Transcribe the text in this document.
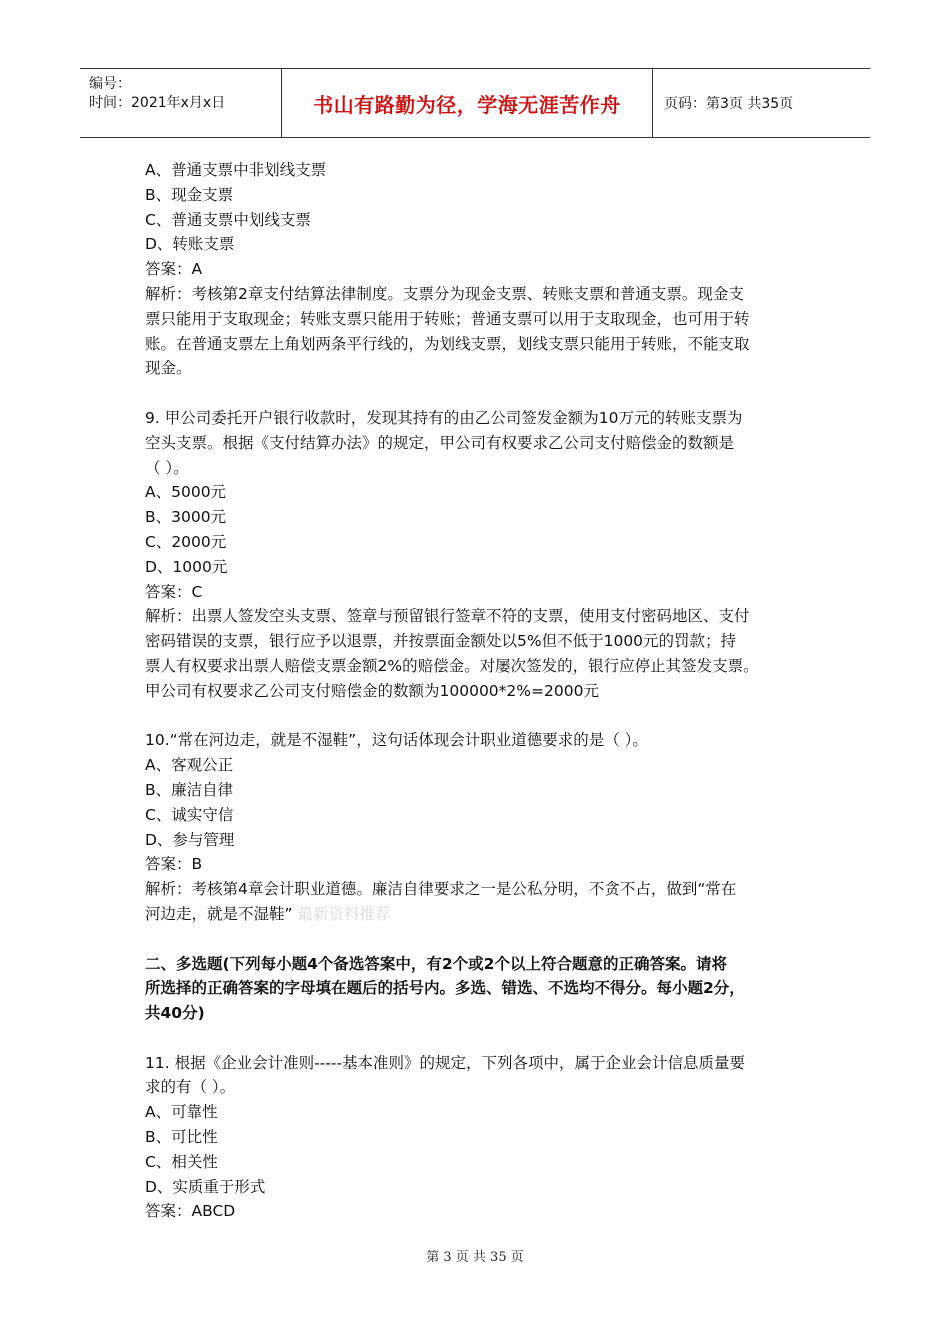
编号：
时间：2021年x月x日	书山有路勤为径，学海无涯苦作舟	页码：第3页 共35页
A、普通支票中非划线支票
B、现金支票
C、普通支票中划线支票
D、转账支票
答案：A
解析：考核第2章支付结算法律制度。支票分为现金支票、转账支票和普通支票。现金支
票只能用于支取现金；转账支票只能用于转账；普通支票可以用于支取现金，也可用于转
账。在普通支票左上角划两条平行线的，为划线支票，划线支票只能用于转账，不能支取
现金。
9. 甲公司委托开户银行收款时，发现其持有的由乙公司签发金额为10万元的转账支票为
空头支票。根据《支付结算办法》的规定，甲公司有权要求乙公司支付赔偿金的数额是
（ ）。
A、5000元
B、3000元
C、2000元
D、1000元
答案：C
解析：出票人签发空头支票、签章与预留银行签章不符的支票，使用支付密码地区、支付
密码错误的支票，银行应予以退票，并按票面金额处以5%但不低于1000元的罚款；持
票人有权要求出票人赔偿支票金额2%的赔偿金。对屡次签发的，银行应停止其签发支票。
甲公司有权要求乙公司支付赔偿金的数额为100000*2%=2000元
10.“常在河边走，就是不湿鞋”，这句话体现会计职业道德要求的是（ ）。
A、客观公正
B、廉洁自律
C、诚实守信
D、参与管理
答案：B
解析：考核第4章会计职业道德。廉洁自律要求之一是公私分明，不贪不占，做到“常在
河边走，就是不湿鞋” 最新资料推荐
二、多选题(下列每小题4个备选答案中，有2个或2个以上符合题意的正确答案。请将
所选择的正确答案的字母填在题后的括号内。多选、错选、不选均不得分。每小题2分，
共40分)
11. 根据《企业会计准则-----基本准则》的规定，下列各项中，属于企业会计信息质量要
求的有（ ）。
A、可靠性
B、可比性
C、相关性
D、实质重于形式
答案：ABCD
第 3 页 共 35 页
